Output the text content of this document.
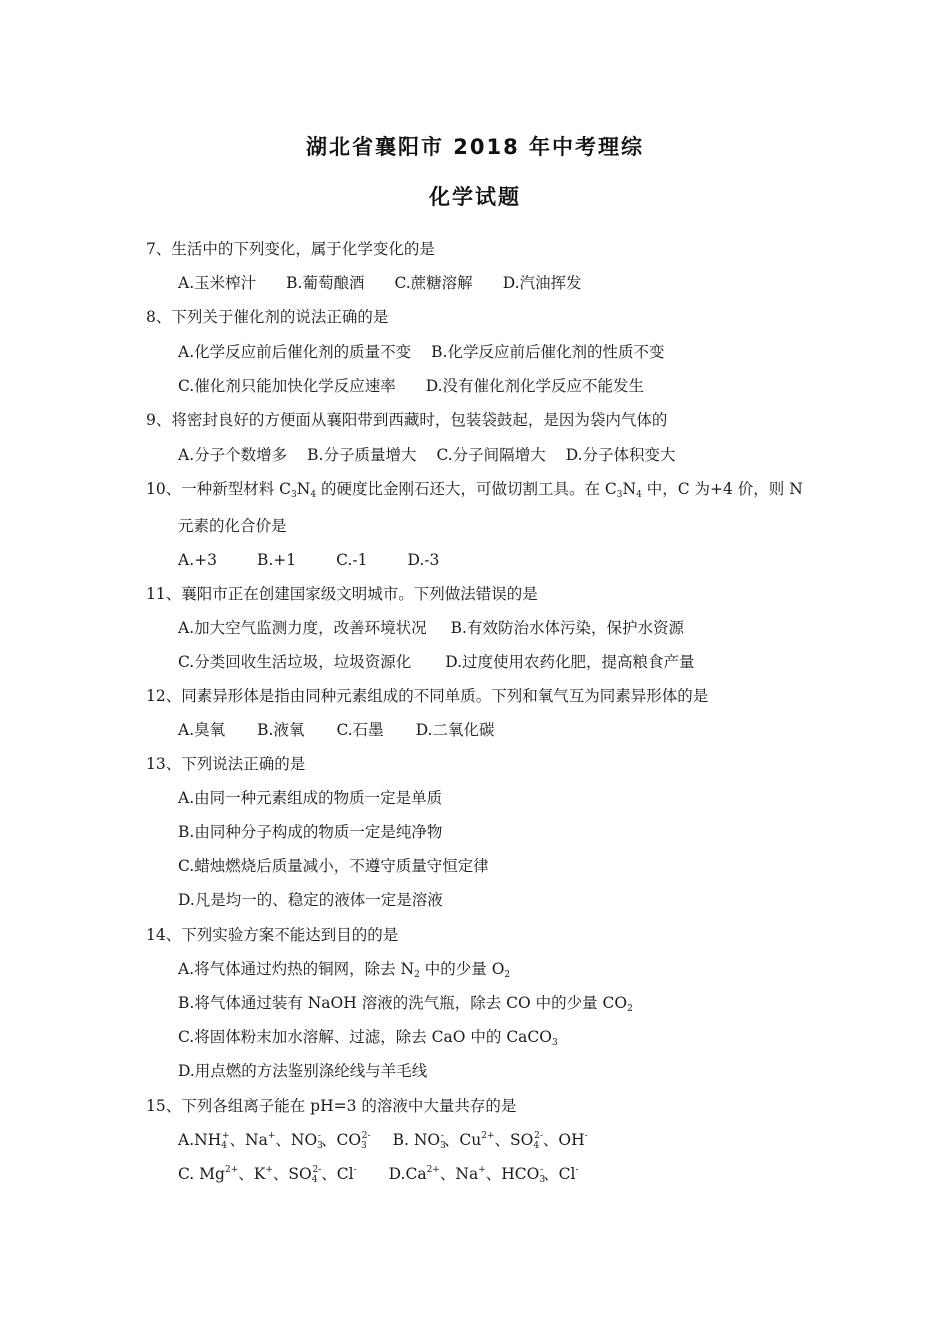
湖北省襄阳市 2018 年中考理综
化学试题
7、生活中的下列变化，属于化学变化的是
A.玉米榨汁 B.葡萄酿酒 C.蔗糖溶解 D.汽油挥发
8、下列关于催化剂的说法正确的是
A.化学反应前后催化剂的质量不变 B.化学反应前后催化剂的性质不变
C.催化剂只能加快化学反应速率 D.没有催化剂化学反应不能发生
9、将密封良好的方便面从襄阳带到西藏时，包装袋鼓起，是因为袋内气体的
A.分子个数增多 B.分子质量增大 C.分子间隔增大 D.分子体积变大
10、一种新型材料 $C_3N_4$ 的硬度比金刚石还大，可做切割工具。在 $C_3N_4$ 中，C 为+4 价，则 N
元素的化合价是
A.+3	B.+1	C.-1	D.-3
11、襄阳市正在创建国家级文明城市。下列做法错误的是
A.加大空气监测力度，改善环境状况 B.有效防治水体污染，保护水资源
C.分类回收生活垃圾，垃圾资源化 D.过度使用农药化肥，提高粮食产量
12、同素异形体是指由同种元素组成的不同单质。下列和氧气互为同素异形体的是
A.臭氧 B.液氧 C.石墨 D.二氧化碳
13、下列说法正确的是
A.由同一种元素组成的物质一定是单质
B.由同种分子构成的物质一定是纯净物
C.蜡烛燃烧后质量减小，不遵守质量守恒定律
D.凡是均一的、稳定的液体一定是溶液
14、下列实验方案不能达到目的的是
A.将气体通过灼热的铜网，除去 $N_2$ 中的少量 $O_2$
B.将气体通过装有 NaOH 溶液的洗气瓶，除去 CO 中的少量 $CO_2$
C.将固体粉末加水溶解、过滤，除去 CaO 中的 CaCO$_3$
D.用点燃的方法鉴别涤纶线与羊毛线
15、下列各组离子能在 pH=3 的溶液中大量共存的是
$A.NH_4^+$、Na+、$NO_3^-$、$CO_3^{2-}$ B. $NO_3^-$、$Cu^{2+}$、$SO_4^{2-}$、OH-
C. $Mg^{2+}$、K+、$SO_4^{2-}$、Cl- $D.Ca^{2+}$、Na+、$HCO_3^-$、Cl-
